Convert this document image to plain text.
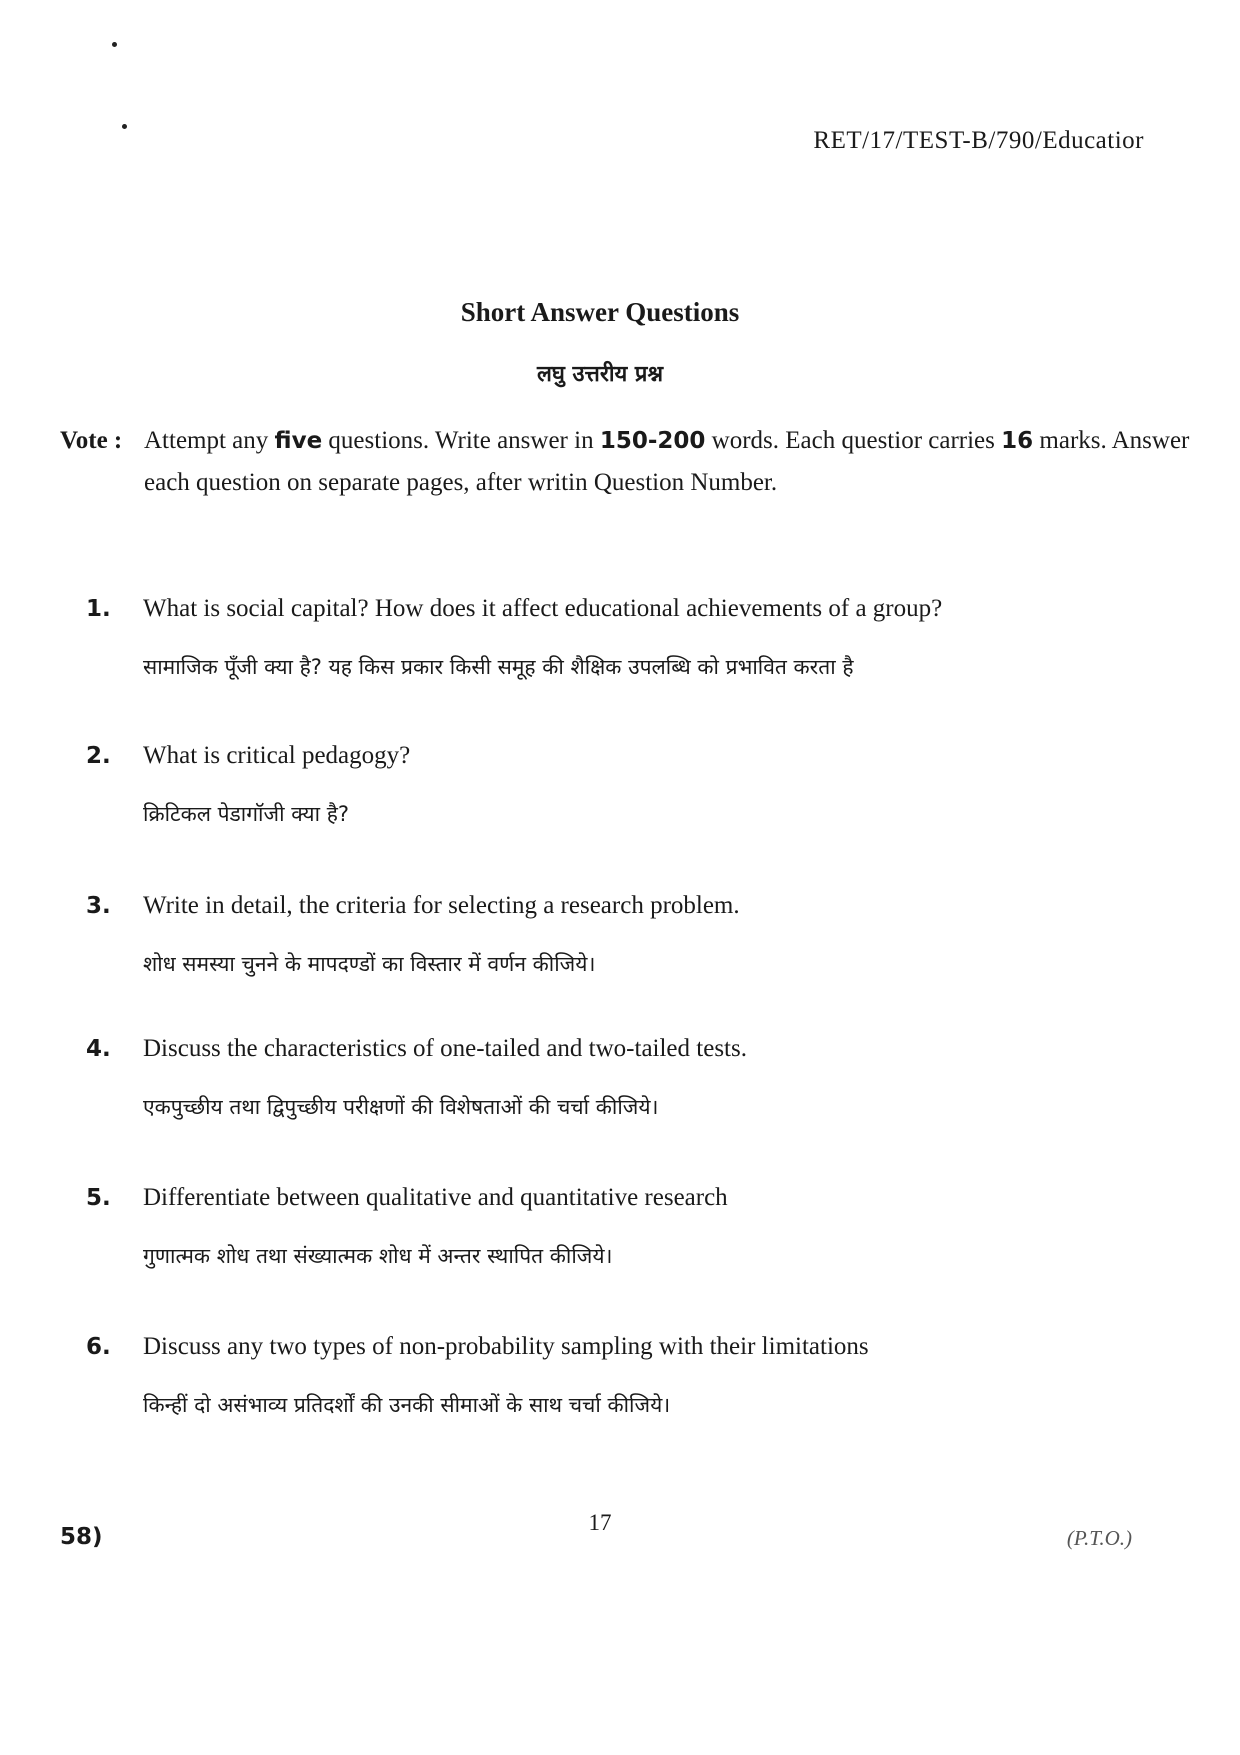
RET/17/TEST-B/790/Educatior
Short Answer Questions
लघु उत्तरीय प्रश्न
Vote : Attempt any five questions. Write answer in 150-200 words. Each questior carries 16 marks. Answer each question on separate pages, after writin Question Number.
1. What is social capital? How does it affect educational achievements of a group?
सामाजिक पूँजी क्या है? यह किस प्रकार किसी समूह की शैक्षिक उपलब्धि को प्रभावित करता है
2. What is critical pedagogy?
क्रिटिकल पेडागॉजी क्या है?
3. Write in detail, the criteria for selecting a research problem.
शोध समस्या चुनने के मापदण्डों का विस्तार में वर्णन कीजिये।
4. Discuss the characteristics of one-tailed and two-tailed tests.
एकपुच्छीय तथा द्विपुच्छीय परीक्षणों की विशेषताओं की चर्चा कीजिये।
5. Differentiate between qualitative and quantitative research
गुणात्मक शोध तथा संख्यात्मक शोध में अन्तर स्थापित कीजिये।
6. Discuss any two types of non-probability sampling with their limitations
किन्हीं दो असंभाव्य प्रतिदर्शों की उनकी सीमाओं के साथ चर्चा कीजिये।
58)
17
(P.T.O.)
